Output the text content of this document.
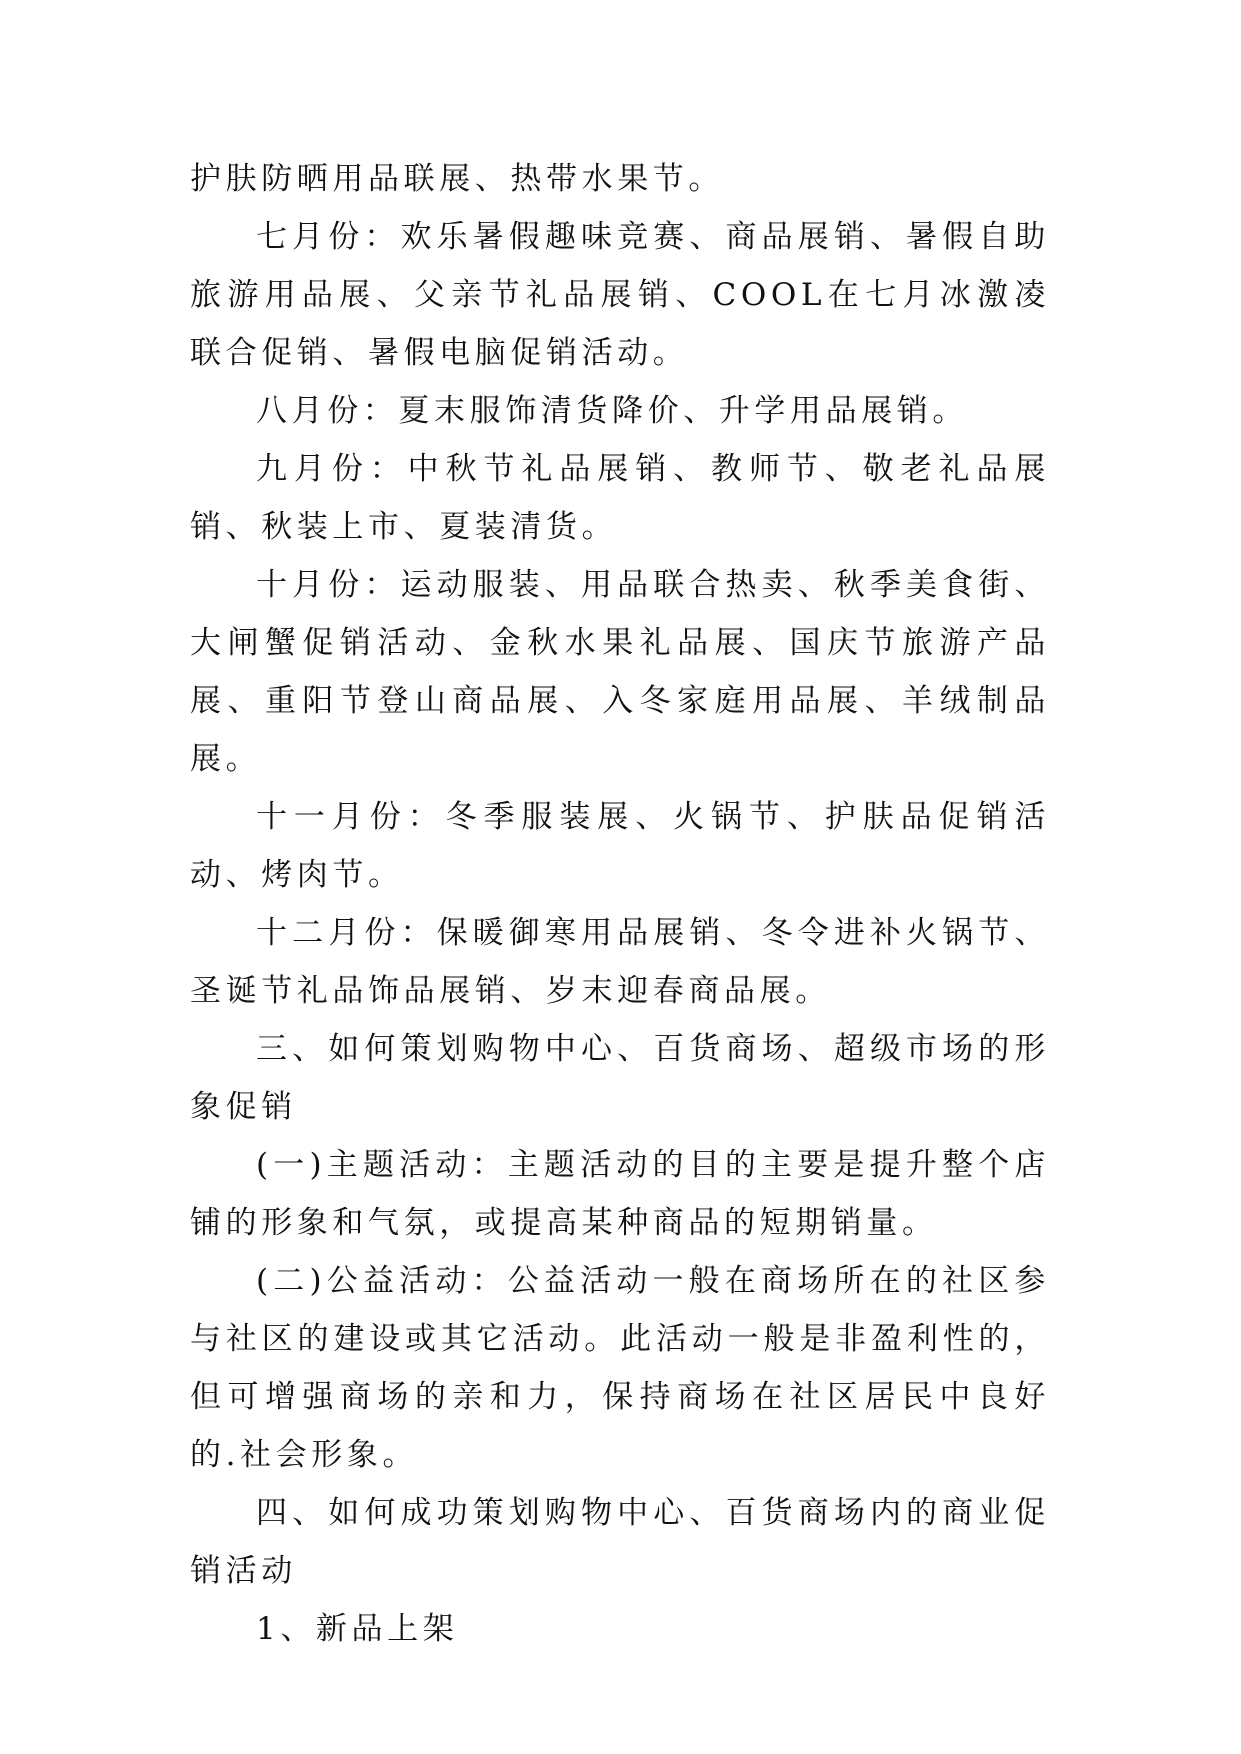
护肤防晒用品联展、热带水果节。

七月份：欢乐暑假趣味竞赛、商品展销、暑假自助旅游用品展、父亲节礼品展销、COOL在七月冰激凌联合促销、暑假电脑促销活动。

八月份：夏末服饰清货降价、升学用品展销。

九月份：中秋节礼品展销、教师节、敬老礼品展销、秋装上市、夏装清货。

十月份：运动服装、用品联合热卖、秋季美食街、大闸蟹促销活动、金秋水果礼品展、国庆节旅游产品展、重阳节登山商品展、入冬家庭用品展、羊绒制品展。

十一月份：冬季服装展、火锅节、护肤品促销活动、烤肉节。

十二月份：保暖御寒用品展销、冬令进补火锅节、圣诞节礼品饰品展销、岁末迎春商品展。

三、如何策划购物中心、百货商场、超级市场的形象促销

(一)主题活动：主题活动的目的主要是提升整个店铺的形象和气氛，或提高某种商品的短期销量。

(二)公益活动：公益活动一般在商场所在的社区参与社区的建设或其它活动。此活动一般是非盈利性的，但可增强商场的亲和力，保持商场在社区居民中良好的.社会形象。

四、如何成功策划购物中心、百货商场内的商业促销活动

1、新品上架
